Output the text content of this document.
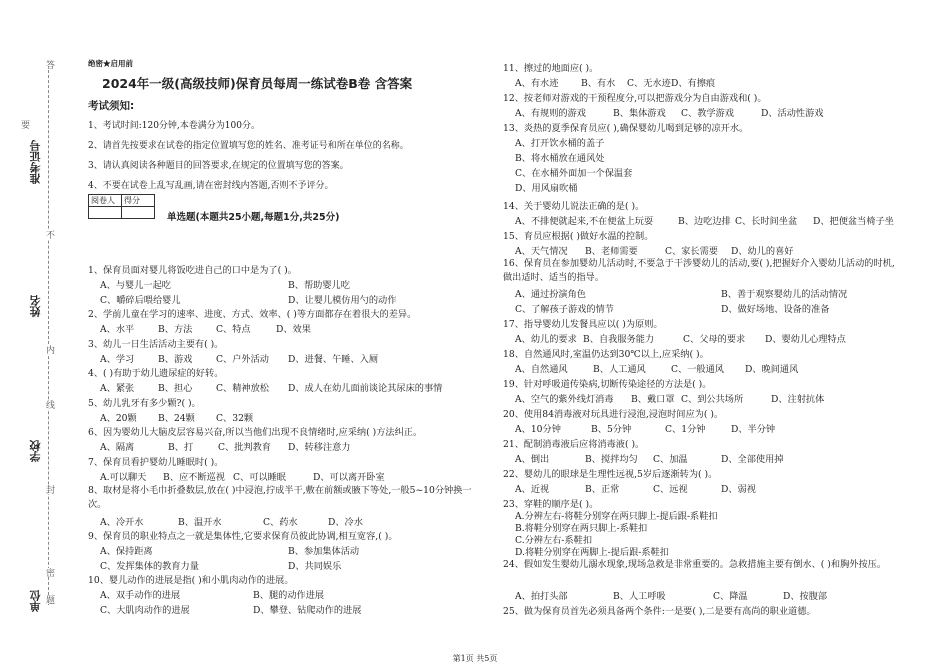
准考证号
姓名
学校
单位
答
不
内
线
封
密
题
要
绝密★启用前
2024年一级(高级技师)保育员每周一练试卷B卷 含答案
考试须知:
1、考试时间:120分钟,本卷满分为100分。
2、请首先按要求在试卷的指定位置填写您的姓名、准考证号和所在单位的名称。
3、请认真阅读各种题目的回答要求,在规定的位置填写您的答案。
4、不要在试卷上乱写乱画,请在密封线内答题,否则不予评分。
阅卷人	得分

单选题(本题共25小题,每题1分,共25分)
1、保育员面对婴儿将饭吃进自己的口中是为了( )。
A、与婴儿一起吃	B、帮助婴儿吃
C、嚼碎后喂给婴儿	D、让婴儿模仿用勺的动作
2、学前儿童在学习的速率、进度、方式、效率、( )等方面都存在着很大的差异。
A、水平	B、方法	C、特点	D、效果
3、幼儿一日生活活动主要有( )。
A、学习	B、游戏	C、户外活动 D、进餐、午睡、入厕
4、( )有助于幼儿遗尿症的好转。
A、紧张	B、担心	C、精神放松 D、成人在幼儿面前谈论其尿床的事情
5、幼儿乳牙有多少颗?( )。
A、20颗 B、24颗 C、32颗
6、因为婴幼儿大脑皮层容易兴奋,所以当他们出现不良情绪时,应采纳( )方法纠正。
A、隔离	B、打	C、批判教育 D、转移注意力
7、保育员看护婴幼儿睡眠时( )。
A.可以聊天 B、应不断巡视 C、可以睡眠	D、可以离开卧室
8、取材是将小毛巾折叠数层,放在( )中浸泡,拧成半干,敷在前额或腋下等处,一般5~10分钟换一次。
A、冷开水	B、温开水	C、药水	D、冷水
9、保育员的职业特点之一就是集体性,它要求保育员彼此协调,相互宽容,( )。
A、保持距离	B、参加集体活动
C、发挥集体的教育力量	D、共同娱乐
10、婴儿动作的进展是指( )和小肌肉动作的进展。
A、双手动作的进展	B、腿的动作进展
C、大肌肉动作的进展	D、攀登、钻爬动作的进展
11、擦过的地面应( )。
A、有水迹 B、有水 C、无水迹 D、有擦痕
12、按老师对游戏的干预程度分,可以把游戏分为自由游戏和( )。
A、有规则的游戏	B、集体游戏 C、教学游戏	D、活动性游戏
13、炎热的夏季保育员应( ),确保婴幼儿喝到足够的凉开水。
A、打开饮水桶的盖子
B、将水桶放在通风处
C、在水桶外面加一个保温套
D、用风扇吹桶
14、关于婴幼儿说法正确的是( )。
A、不排便就起来,不在便盆上玩耍	B、边吃边排 C、长时间坐盆 D、把便盆当椅子坐
15、育员应根据( )做好水温的控制。
A、天气情况 B、老师需要	C、家长需要 D、幼儿的喜好
16、保育员在参加婴幼儿活动时,不要急于干涉婴幼儿的活动,要( ),把握好介入婴幼儿活动的时机,做出适时、适当的指导。
A、通过扮演角色	B、善于观察婴幼儿的活动情况
C、了解孩子游戏的情节	D、做好场地、设备的准备
17、指导婴幼儿发餐具应以( )为原则。
A、幼儿的要求 B、自我服务能力	C、父母的要求 D、婴幼儿心理特点
18、自然通风时,室温仍达到30℃以上,应采纳( )。
A、自然通风	B、人工通风	C、一般通风 D、晚间通风
19、针对呼吸道传染病,切断传染途径的方法是( )。
A、空气的紫外线灯消毒 B、戴口罩 C、到公共场所	D、注射抗体
20、使用84消毒液对玩具进行浸泡,浸泡时间应为( )。
A、10分钟	B、5分钟	C、1分钟	D、半分钟
21、配制消毒液后应将消毒液( )。
A、倒出	B、搅拌均匀 C、加温	D、全部使用掉
22、婴幼儿的眼球是生理性远视,5岁后逐渐转为( )。
A、近视	B、正常	C、远视	D、弱视
23、穿鞋的顺序是( )。
A.分辨左右-将鞋分别穿在两只脚上-提后跟-系鞋扣
B.将鞋分别穿在两只脚上-系鞋扣
C.分辨左右-系鞋扣
D.将鞋分别穿在两脚上-提后跟-系鞋扣
24、假如发生婴幼儿溺水现象,现场急救是非常重要的。急救措施主要有倒水、( )和胸外按压。
A、拍打头部	B、人工呼吸	C、降温	D、按腹部
25、做为保育员首先必须具备两个条件:一是要( ),二是要有高尚的职业道德。
第1页 共5页
